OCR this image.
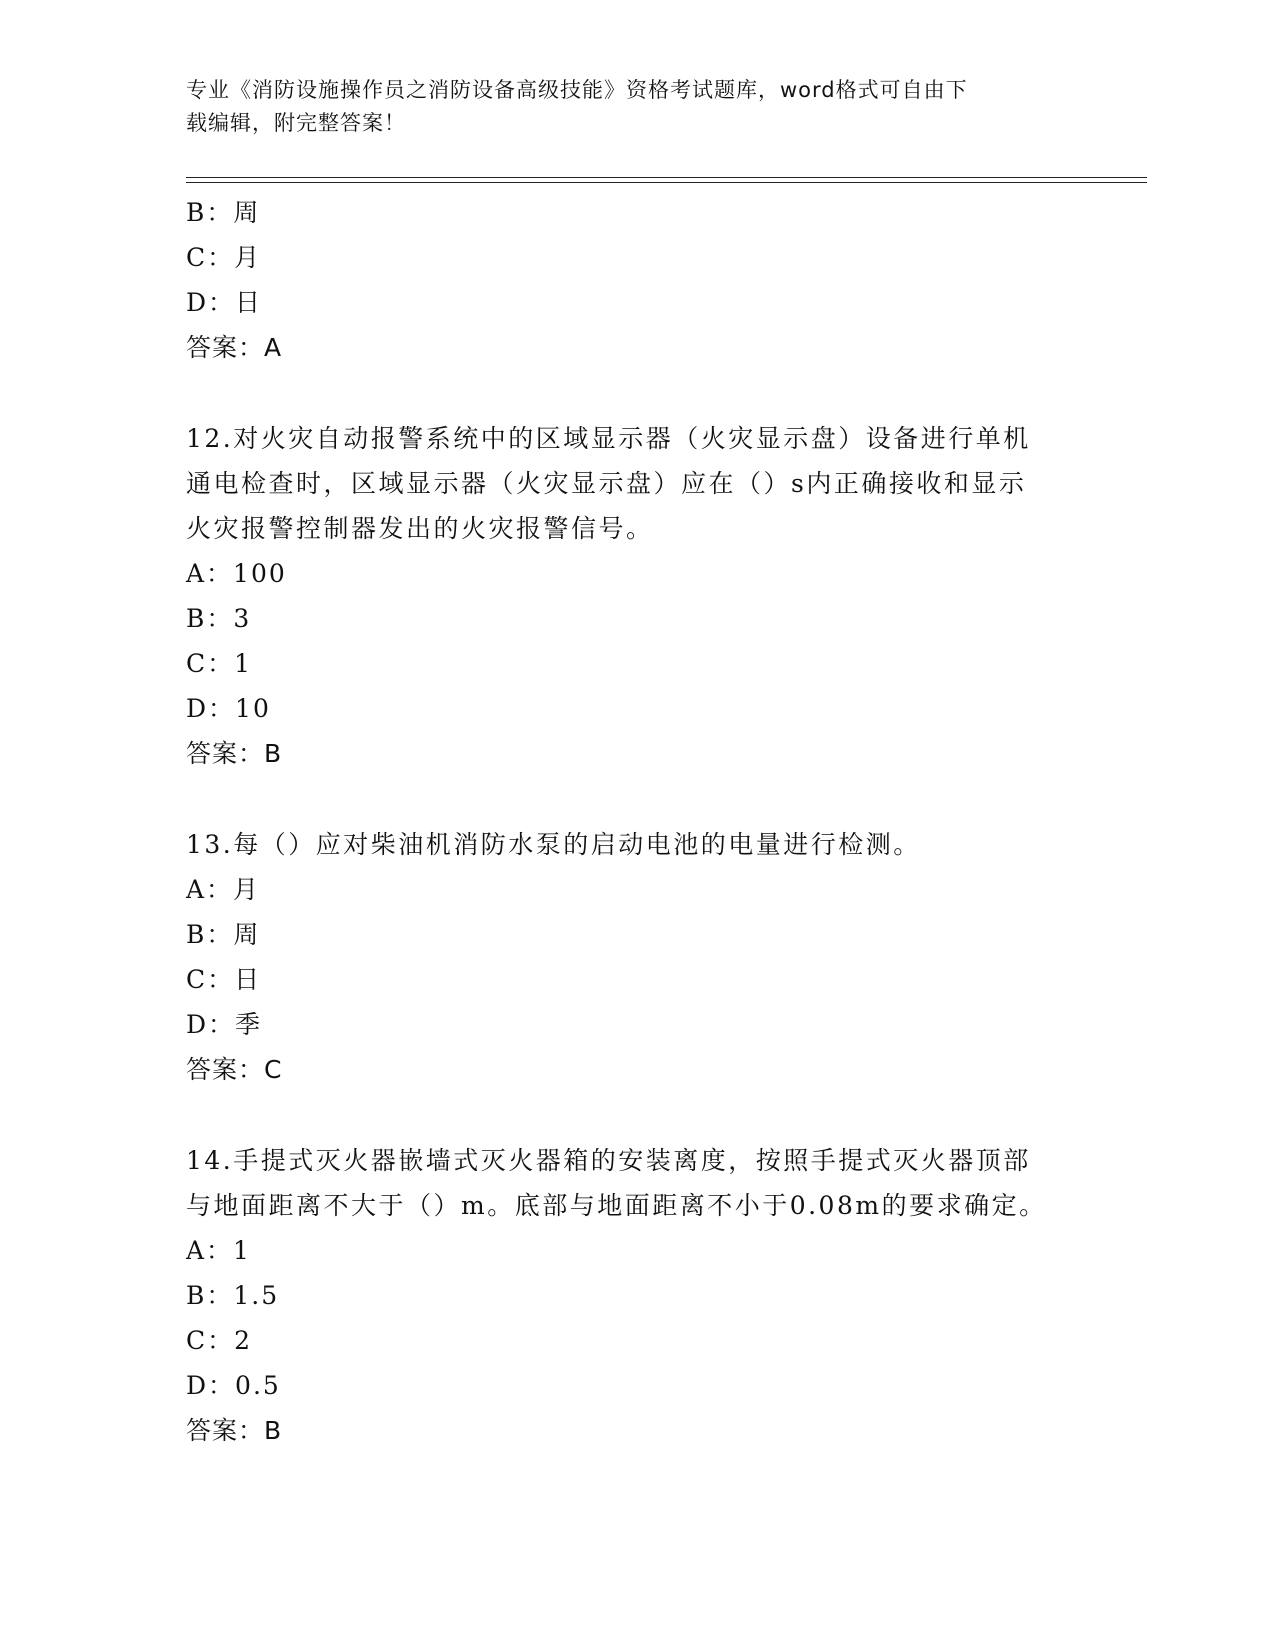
专业《消防设施操作员之消防设备高级技能》资格考试题库，word格式可自由下
载编辑，附完整答案！
B：周
C：月
D：日
答案：A
12.对火灾自动报警系统中的区域显示器（火灾显示盘）设备进行单机
通电检查时，区域显示器（火灾显示盘）应在（）s内正确接收和显示
火灾报警控制器发出的火灾报警信号。
A：100
B：3
C：1
D：10
答案：B
13.每（）应对柴油机消防水泵的启动电池的电量进行检测。
A：月
B：周
C：日
D：季
答案：C
14.手提式灭火器嵌墙式灭火器箱的安装离度，按照手提式灭火器顶部
与地面距离不大于（）m。底部与地面距离不小于0.08m的要求确定。
A：1
B：1.5
C：2
D：0.5
答案：B
